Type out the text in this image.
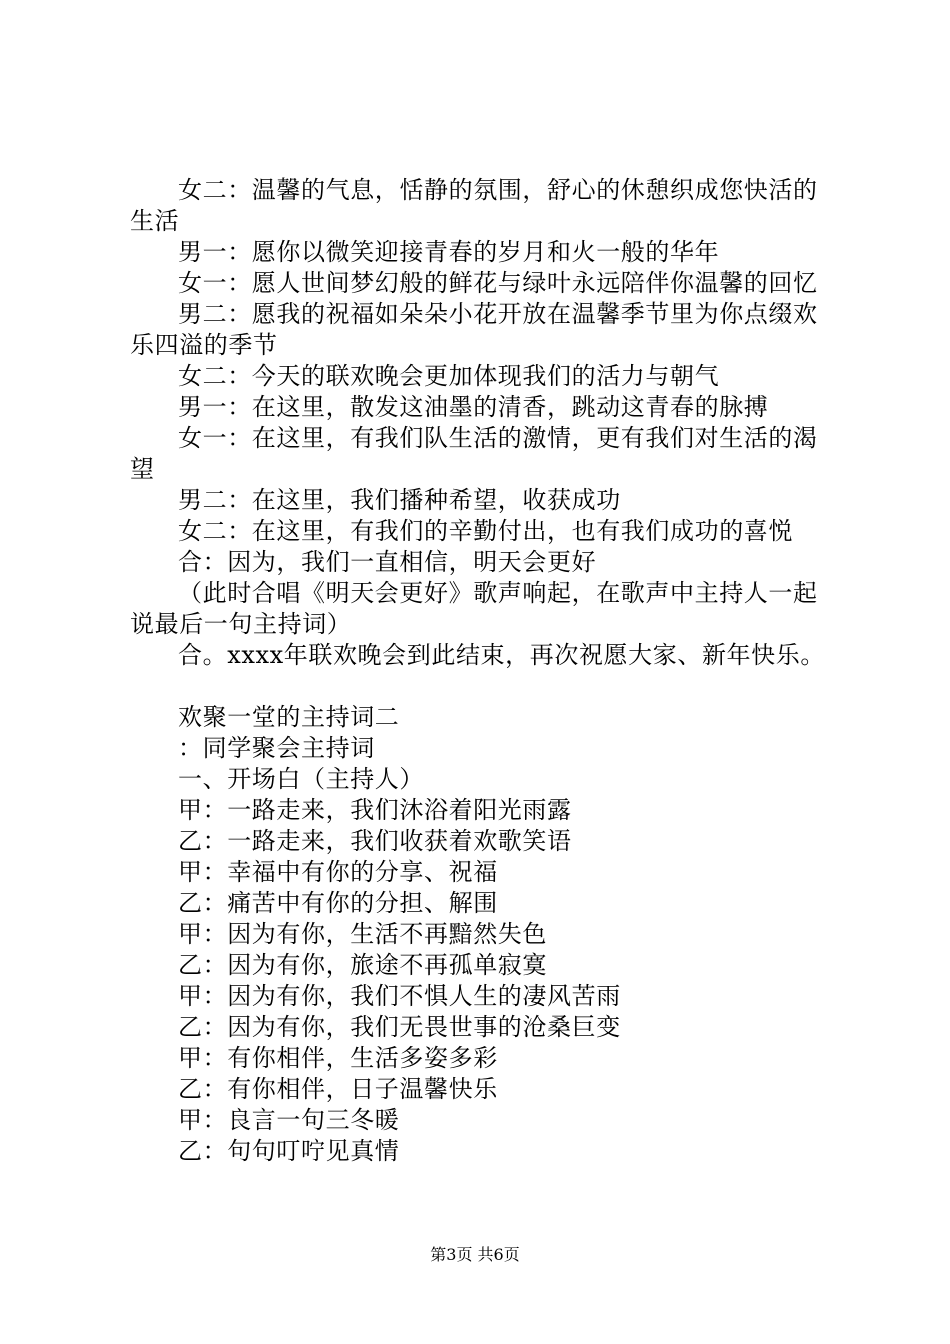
女二：温馨的气息，恬静的氛围，舒心的休憩织成您快活的生活

男一：愿你以微笑迎接青春的岁月和火一般的华年

女一：愿人世间梦幻般的鲜花与绿叶永远陪伴你温馨的回忆

男二：愿我的祝福如朵朵小花开放在温馨季节里为你点缀欢乐四溢的季节

女二：今天的联欢晚会更加体现我们的活力与朝气

男一：在这里，散发这油墨的清香，跳动这青春的脉搏

女一：在这里，有我们队生活的激情，更有我们对生活的渴望

男二：在这里，我们播种希望，收获成功

女二：在这里，有我们的辛勤付出，也有我们成功的喜悦

合：因为，我们一直相信，明天会更好

（此时合唱《明天会更好》歌声响起，在歌声中主持人一起说最后一句主持词）

合。xxxx年联欢晚会到此结束，再次祝愿大家、新年快乐。

欢聚一堂的主持词二

：同学聚会主持词

一、开场白（主持人）

甲：一路走来，我们沐浴着阳光雨露

乙：一路走来，我们收获着欢歌笑语

甲：幸福中有你的分享、祝福

乙：痛苦中有你的分担、解围

甲：因为有你，生活不再黯然失色

乙：因为有你，旅途不再孤单寂寞

甲：因为有你，我们不惧人生的凄风苦雨

乙：因为有你，我们无畏世事的沧桑巨变

甲：有你相伴，生活多姿多彩

乙：有你相伴，日子温馨快乐

甲：良言一句三冬暖

乙：句句叮咛见真情

第3页 共6页
